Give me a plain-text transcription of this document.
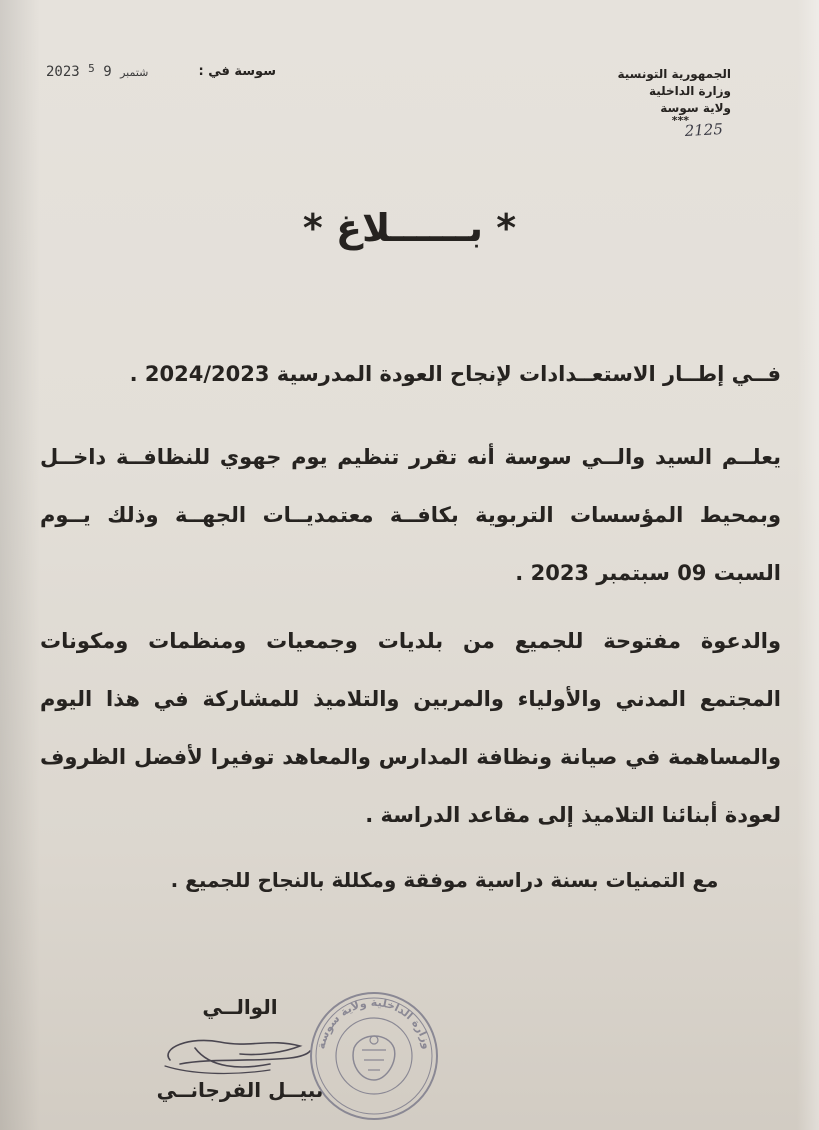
الجمهورية التونسية
وزارة الداخلية
ولاية سوسة
***
2125
سوسة في :
2023	شتمبر 9 $^5$
* بــــــلاغ *
فــي إطــار الاستعــدادات لإنجاح العودة المدرسية 2024/2023 .
يعلــم السيد والــي سوسة أنه تقرر تنظيم يوم جهوي للنظافــة داخــل وبمحيط المؤسسات التربوية بكافــة معتمديــات الجهــة وذلك يــوم السبت 09 سبتمبر 2023 .
والدعوة مفتوحة للجميع من بلديات وجمعيات ومنظمات ومكونات المجتمع المدني والأولياء والمربين والتلاميذ للمشاركة في هذا اليوم والمساهمة في صيانة ونظافة المدارس والمعاهد توفيرا لأفضل الظروف لعودة أبنائنا التلاميذ إلى مقاعد الدراسة .
مع التمنيات بسنة دراسية موفقة ومكللة بالنجاح للجميع .
الوالــي
نبيــل الفرجانــي
وزارة الداخلية ولاية سوسة
